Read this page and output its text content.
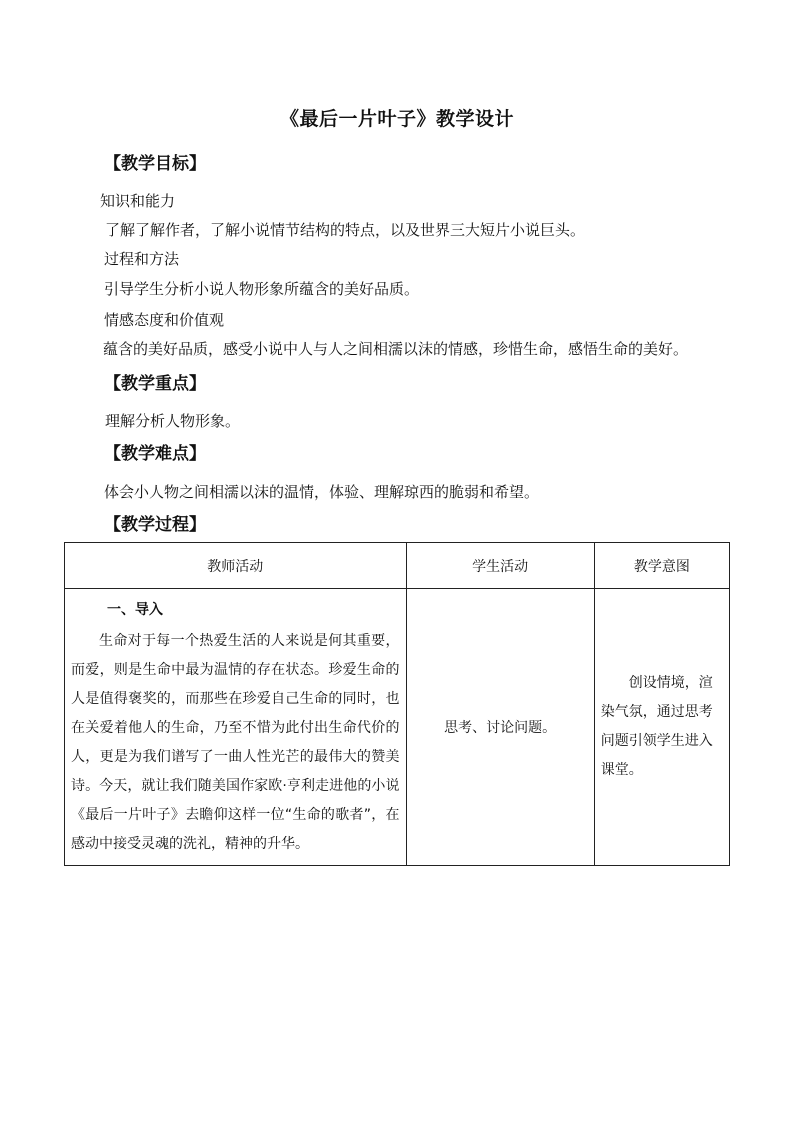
《最后一片叶子》教学设计
【教学目标】
知识和能力
了解了解作者，了解小说情节结构的特点，以及世界三大短片小说巨头。
过程和方法
引导学生分析小说人物形象所蕴含的美好品质。
情感态度和价值观
蕴含的美好品质，感受小说中人与人之间相濡以沫的情感，珍惜生命，感悟生命的美好。
【教学重点】
理解分析人物形象。
【教学难点】
体会小人物之间相濡以沫的温情，体验、理解琼西的脆弱和希望。
【教学过程】
教师活动	学生活动	教学意图

一、导入

生命对于每一个热爱生活的人来说是何其重要，而爱，则是生命中最为温情的存在状态。珍爱生命的人是值得褒奖的，而那些在珍爱自己生命的同时，也在关爱着他人的生命，乃至不惜为此付出生命代价的人，更是为我们谱写了一曲人性光芒的最伟大的赞美诗。今天，就让我们随美国作家欧·亨利走进他的小说《最后一片叶子》去瞻仰这样一位“生命的歌者”，在感动中接受灵魂的洗礼，精神的升华。	思考、讨论问题。	创设情境，渲染气氛，通过思考问题引领学生进入课堂。
